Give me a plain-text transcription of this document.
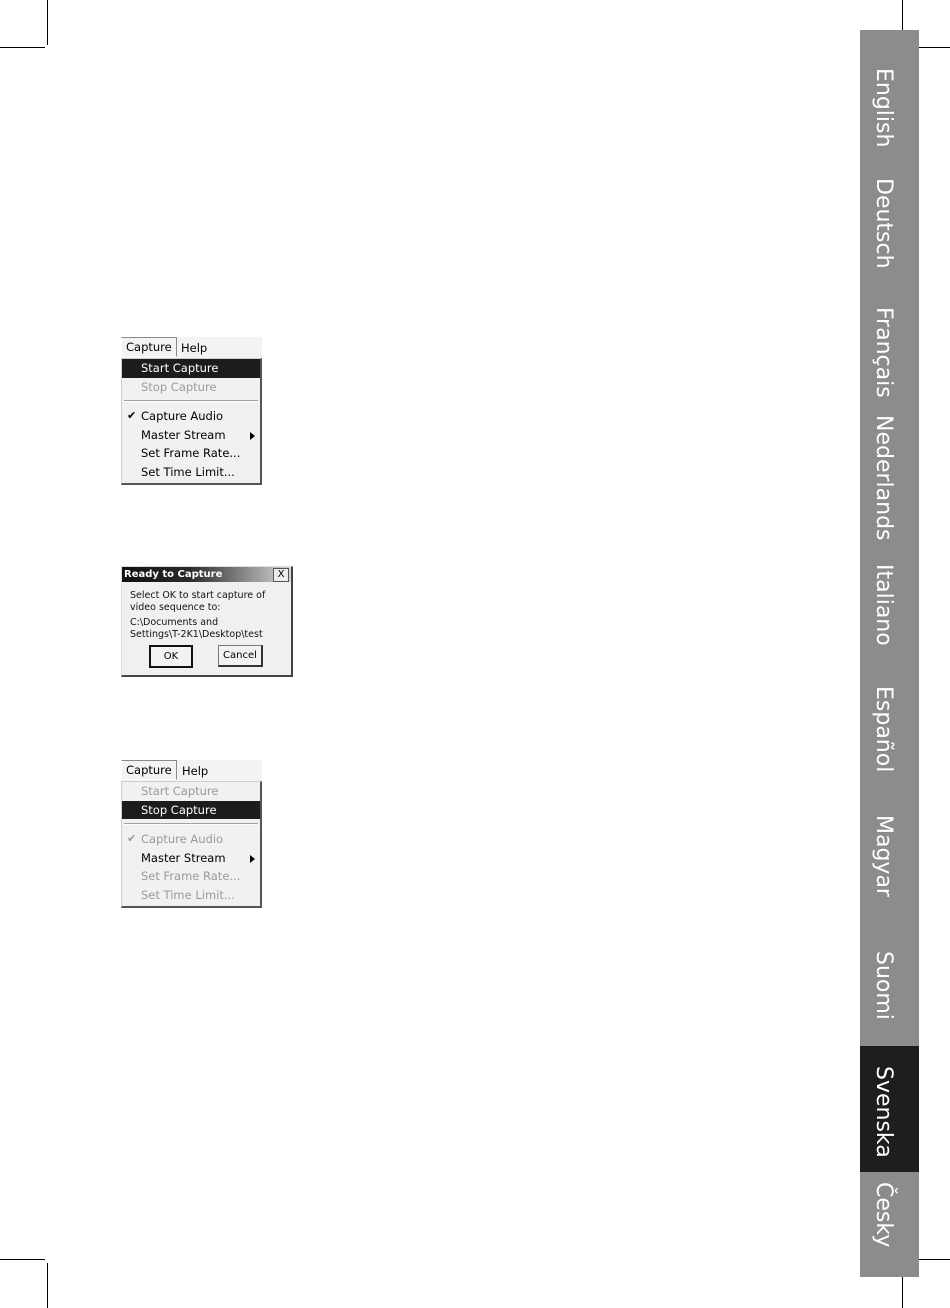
English
Deutsch
Français
Nederlands
Italiano
Español
Magyar
Suomi
Svenska
Česky
Capture Help
Start Capture
Stop Capture
✔ Capture Audio
Master Stream
Set Frame Rate...
Set Time Limit...
Ready to Capture	X
Select OK to start capture of
video sequence to:
C:\Documents and
Settings\T-2K1\Desktop\test
OK	Cancel
Capture Help
Start Capture
Stop Capture
✔ Capture Audio
Master Stream
Set Frame Rate...
Set Time Limit...
